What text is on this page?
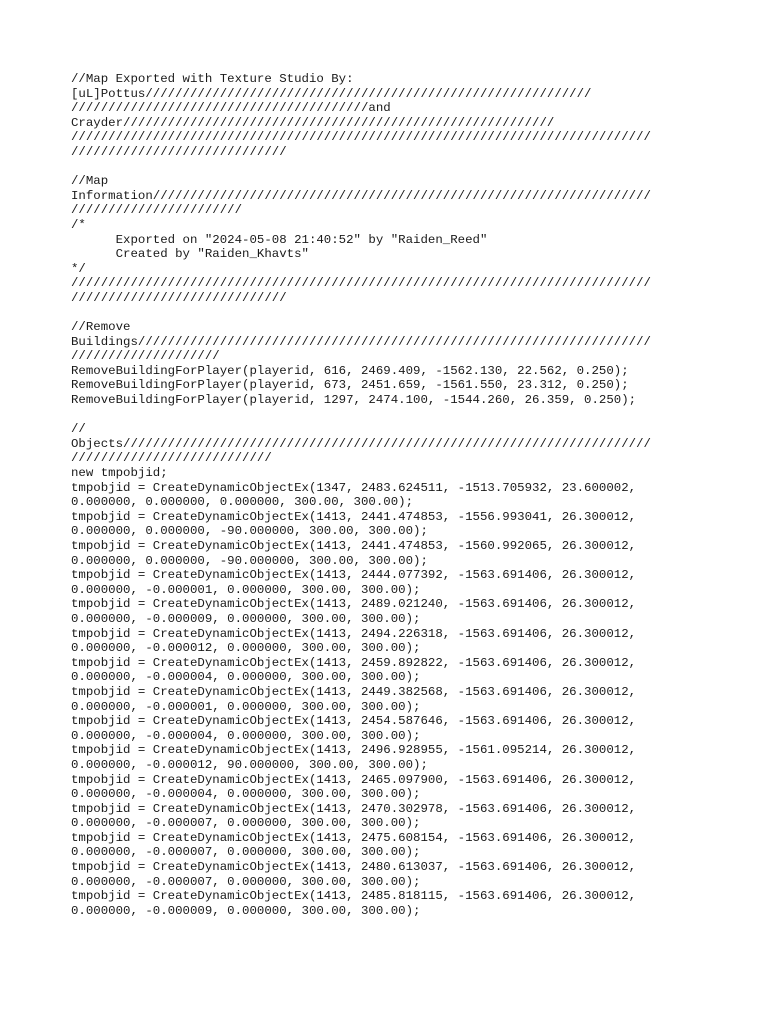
//Map Exported with Texture Studio By:
[uL]Pottus////////////////////////////////////////////////////////////
////////////////////////////////////////and
Crayder//////////////////////////////////////////////////////////
//////////////////////////////////////////////////////////////////////////////
/////////////////////////////
//Map
Information///////////////////////////////////////////////////////////////////
///////////////////////
/*
Exported on "2024-05-08 21:40:52" by "Raiden_Reed"
Created by "Raiden_Khavts"
*/
//////////////////////////////////////////////////////////////////////////////
/////////////////////////////
//Remove
Buildings/////////////////////////////////////////////////////////////////////
////////////////////
RemoveBuildingForPlayer(playerid, 616, 2469.409, -1562.130, 22.562, 0.250);
RemoveBuildingForPlayer(playerid, 673, 2451.659, -1561.550, 23.312, 0.250);
RemoveBuildingForPlayer(playerid, 1297, 2474.100, -1544.260, 26.359, 0.250);
//
Objects///////////////////////////////////////////////////////////////////////
///////////////////////////
new tmpobjid;
tmpobjid = CreateDynamicObjectEx(1347, 2483.624511, -1513.705932, 23.600002,
0.000000, 0.000000, 0.000000, 300.00, 300.00);
tmpobjid = CreateDynamicObjectEx(1413, 2441.474853, -1556.993041, 26.300012,
0.000000, 0.000000, -90.000000, 300.00, 300.00);
tmpobjid = CreateDynamicObjectEx(1413, 2441.474853, -1560.992065, 26.300012,
0.000000, 0.000000, -90.000000, 300.00, 300.00);
tmpobjid = CreateDynamicObjectEx(1413, 2444.077392, -1563.691406, 26.300012,
0.000000, -0.000001, 0.000000, 300.00, 300.00);
tmpobjid = CreateDynamicObjectEx(1413, 2489.021240, -1563.691406, 26.300012,
0.000000, -0.000009, 0.000000, 300.00, 300.00);
tmpobjid = CreateDynamicObjectEx(1413, 2494.226318, -1563.691406, 26.300012,
0.000000, -0.000012, 0.000000, 300.00, 300.00);
tmpobjid = CreateDynamicObjectEx(1413, 2459.892822, -1563.691406, 26.300012,
0.000000, -0.000004, 0.000000, 300.00, 300.00);
tmpobjid = CreateDynamicObjectEx(1413, 2449.382568, -1563.691406, 26.300012,
0.000000, -0.000001, 0.000000, 300.00, 300.00);
tmpobjid = CreateDynamicObjectEx(1413, 2454.587646, -1563.691406, 26.300012,
0.000000, -0.000004, 0.000000, 300.00, 300.00);
tmpobjid = CreateDynamicObjectEx(1413, 2496.928955, -1561.095214, 26.300012,
0.000000, -0.000012, 90.000000, 300.00, 300.00);
tmpobjid = CreateDynamicObjectEx(1413, 2465.097900, -1563.691406, 26.300012,
0.000000, -0.000004, 0.000000, 300.00, 300.00);
tmpobjid = CreateDynamicObjectEx(1413, 2470.302978, -1563.691406, 26.300012,
0.000000, -0.000007, 0.000000, 300.00, 300.00);
tmpobjid = CreateDynamicObjectEx(1413, 2475.608154, -1563.691406, 26.300012,
0.000000, -0.000007, 0.000000, 300.00, 300.00);
tmpobjid = CreateDynamicObjectEx(1413, 2480.613037, -1563.691406, 26.300012,
0.000000, -0.000007, 0.000000, 300.00, 300.00);
tmpobjid = CreateDynamicObjectEx(1413, 2485.818115, -1563.691406, 26.300012,
0.000000, -0.000009, 0.000000, 300.00, 300.00);
